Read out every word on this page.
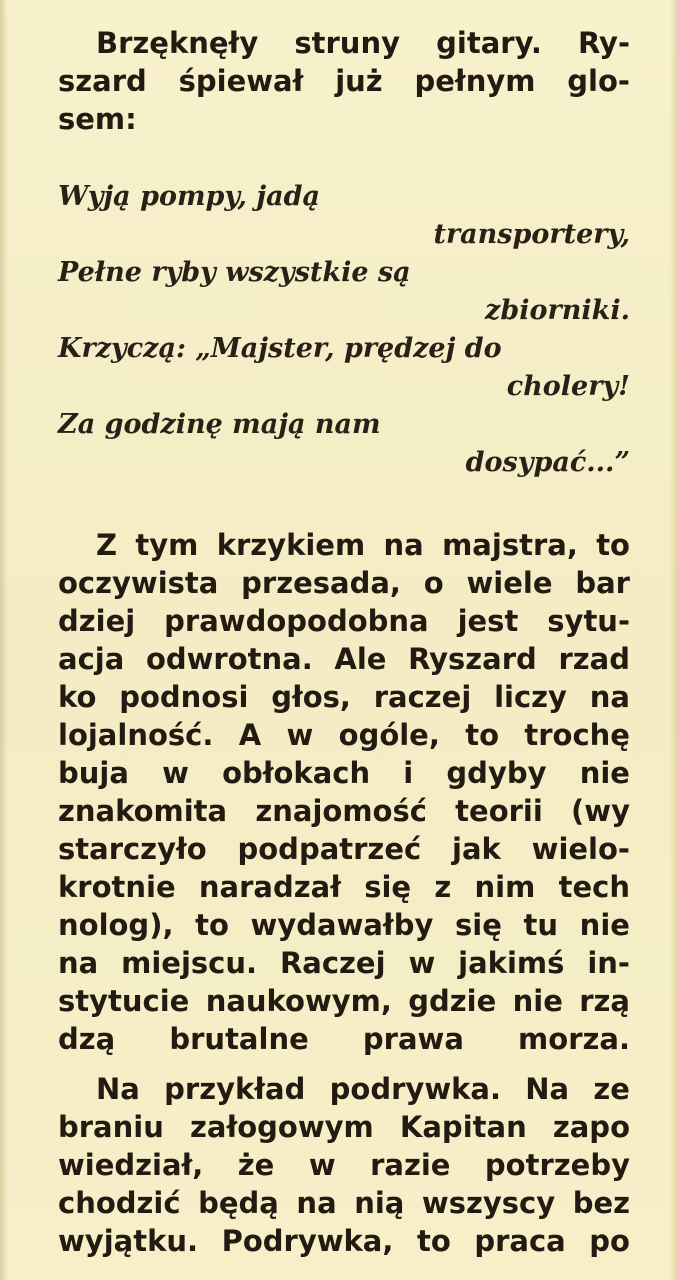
Brzęknęły struny gitary. Ry-
szard śpiewał już pełnym glo-
sem:
Wyją pompy, jadą
transportery,
Pełne ryby wszystkie są
zbiorniki.
Krzyczą: „Majster, prędzej do
cholery!
Za godzinę mają nam
dosypać...”
Z tym krzykiem na majstra, to
oczywista przesada, o wiele bar
dziej prawdopodobna jest sytu-
acja odwrotna. Ale Ryszard rzad
ko podnosi głos, raczej liczy na
lojalność. A w ogóle, to trochę
buja w obłokach i gdyby nie
znakomita znajomość teorii (wy
starczyło podpatrzeć jak wielo-
krotnie naradzał się z nim tech
nolog), to wydawałby się tu nie
na miejscu. Raczej w jakimś in-
stytucie naukowym, gdzie nie rzą
dzą brutalne prawa morza.
Na przykład podrywka. Na ze
braniu załogowym Kapitan zapo
wiedział, że w razie potrzeby
chodzić będą na nią wszyscy bez
wyjątku. Podrywka, to praca po
